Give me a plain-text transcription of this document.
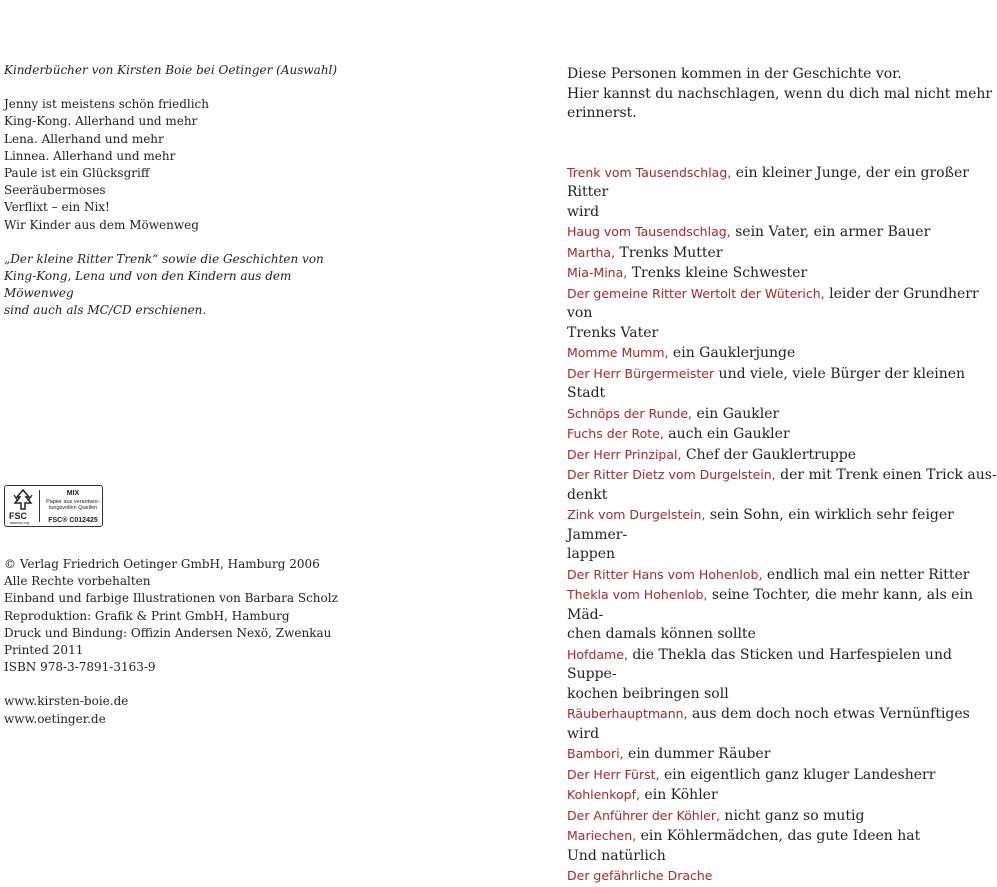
Kinderbücher von Kirsten Boie bei Oetinger (Auswahl)

Jenny ist meistens schön friedlich

King-Kong. Allerhand und mehr

Lena. Allerhand und mehr

Linnea. Allerhand und mehr

Paule ist ein Glücksgriff

Seeräubermoses

Verflixt – ein Nix!

Wir Kinder aus dem Möwenweg

„Der kleine Ritter Trenk“ sowie die Geschichten von

King-Kong, Lena und von den Kindern aus dem Möwenweg

sind auch als MC/CD erschienen.

FSC
www.fsc.org
MIX
Papier aus verantwor-
tungsvollen Quellen
FSC® C012425

© Verlag Friedrich Oetinger GmbH, Hamburg 2006

Alle Rechte vorbehalten

Einband und farbige Illustrationen von Barbara Scholz

Reproduktion: Grafik & Print GmbH, Hamburg

Druck und Bindung: Offizin Andersen Nexö, Zwenkau

Printed 2011

ISBN 978-3-7891-3163-9

www.kirsten-boie.de

www.oetinger.de

Diese Personen kommen in der Geschichte vor.

Hier kannst du nachschlagen, wenn du dich mal nicht mehr

erinnerst.

Trenk vom Tausendschlag, ein kleiner Junge, der ein großer Ritter

wird

Haug vom Tausendschlag, sein Vater, ein armer Bauer

Martha, Trenks Mutter

Mia-Mina, Trenks kleine Schwester

Der gemeine Ritter Wertolt der Wüterich, leider der Grundherr von

Trenks Vater

Momme Mumm, ein Gauklerjunge

Der Herr Bürgermeister und viele, viele Bürger der kleinen Stadt

Schnöps der Runde, ein Gaukler

Fuchs der Rote, auch ein Gaukler

Der Herr Prinzipal, Chef der Gauklertruppe

Der Ritter Dietz vom Durgelstein, der mit Trenk einen Trick aus-

denkt

Zink vom Durgelstein, sein Sohn, ein wirklich sehr feiger Jammer-

lappen

Der Ritter Hans vom Hohenlob, endlich mal ein netter Ritter

Thekla vom Hohenlob, seine Tochter, die mehr kann, als ein Mäd-

chen damals können sollte

Hofdame, die Thekla das Sticken und Harfespielen und Suppe-

kochen beibringen soll

Räuberhauptmann, aus dem doch noch etwas Vernünftiges wird

Bambori, ein dummer Räuber

Der Herr Fürst, ein eigentlich ganz kluger Landesherr

Kohlenkopf, ein Köhler

Der Anführer der Köhler, nicht ganz so mutig

Mariechen, ein Köhlermädchen, das gute Ideen hat

Und natürlich

Der gefährliche Drache
